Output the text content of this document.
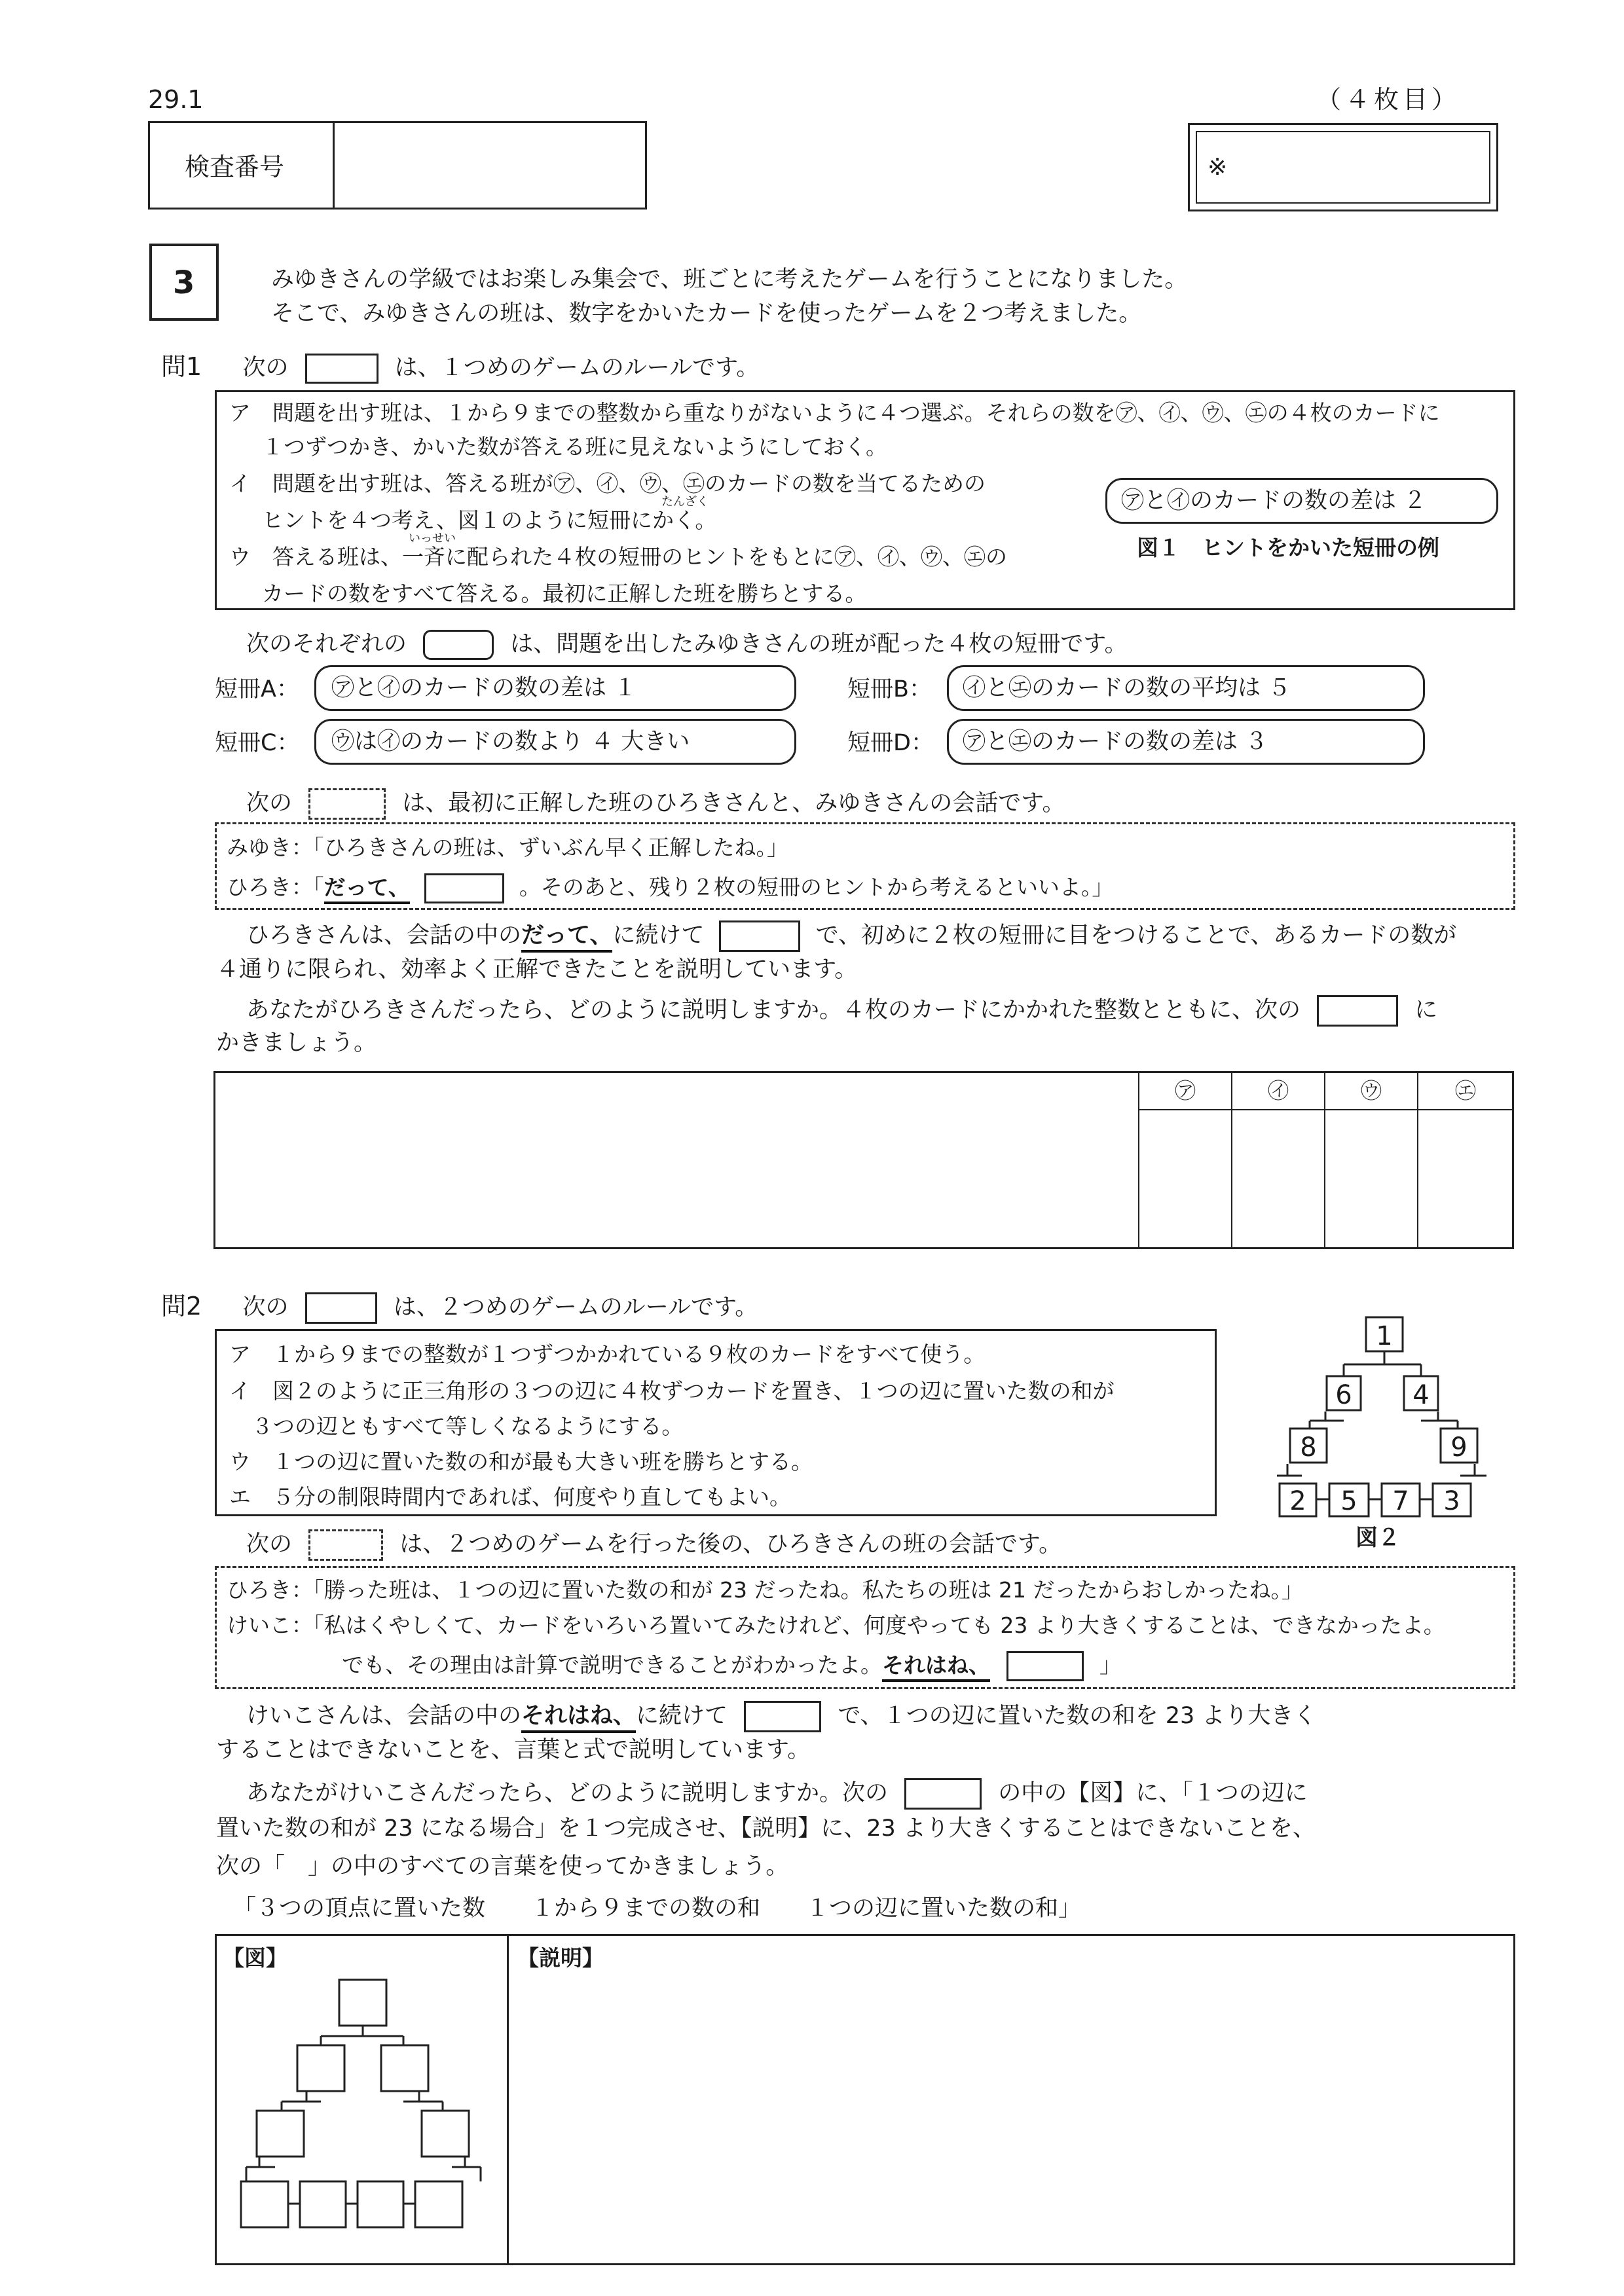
29.1	（４枚目）
検査番号	※
3	みゆきさんの学級ではお楽しみ集会で、班ごとに考えたゲームを行うことになりました。
そこで、みゆきさんの班は、数字をかいたカードを使ったゲームを２つ考えました。
問1 次の	は、１つめのゲームのルールです。
ア　問題を出す班は、１から９までの整数から重なりがないように４つ選ぶ。それらの数を㋐、㋑、㋒、㋓の４枚のカードに
１つずつかき、かいた数が答える班に見えないようにしておく。
イ　問題を出す班は、答える班が㋐、㋑、㋒、㋓のカードの数を当てるための
ヒントを４つ考え、図１のように短冊にかく。
たんざく
ウ　答える班は、一斉に配られた４枚の短冊のヒントをもとに㋐、㋑、㋒、㋓の
いっせい
カードの数をすべて答える。最初に正解した班を勝ちとする。
㋐と㋑のカードの数の差は ２
図１　ヒントをかいた短冊の例
次のそれぞれの	は、問題を出したみゆきさんの班が配った４枚の短冊です。
短冊A： ㋐と㋑のカードの数の差は １	短冊B： ㋑と㋓のカードの数の平均は ５
短冊C： ㋒は㋑のカードの数より ４ 大きい	短冊D： ㋐と㋓のカードの数の差は ３
次の	は、最初に正解した班のひろきさんと、みゆきさんの会話です。
みゆき：「ひろきさんの班は、ずいぶん早く正解したね。」
ひろき：「だって、	。そのあと、残り２枚の短冊のヒントから考えるといいよ。」
ひろきさんは、会話の中のだって、に続けて	で、初めに２枚の短冊に目をつけることで、あるカードの数が
４通りに限られ、効率よく正解できたことを説明しています。
あなたがひろきさんだったら、どのように説明しますか。４枚のカードにかかれた整数とともに、次の	に
かきましょう。
㋐	㋑	㋒	㋓
問2 次の	は、２つめのゲームのルールです。
ア　１から９までの整数が１つずつかかれている９枚のカードをすべて使う。
イ　図２のように正三角形の３つの辺に４枚ずつカードを置き、１つの辺に置いた数の和が
３つの辺ともすべて等しくなるようにする。
ウ　１つの辺に置いた数の和が最も大きい班を勝ちとする。
エ　５分の制限時間内であれば、何度やり直してもよい。
1
6 4
8	9
2 5 7 3
図２
次の	は、２つめのゲームを行った後の、ひろきさんの班の会話です。
ひろき：「勝った班は、１つの辺に置いた数の和が 23 だったね。私たちの班は 21 だったからおしかったね。」
けいこ：「私はくやしくて、カードをいろいろ置いてみたけれど、何度やっても 23 より大きくすることは、できなかったよ。
でも、その理由は計算で説明できることがわかったよ。それはね、	」
けいこさんは、会話の中のそれはね、に続けて	で、１つの辺に置いた数の和を 23 より大きく
することはできないことを、言葉と式で説明しています。
あなたがけいこさんだったら、どのように説明しますか。次の	の中の【図】に、「１つの辺に
置いた数の和が 23 になる場合」を１つ完成させ、【説明】に、23 より大きくすることはできないことを、
次の「　」の中のすべての言葉を使ってかきましょう。
「３つの頂点に置いた数　　１から９までの数の和　　１つの辺に置いた数の和」
【図】	【説明】
